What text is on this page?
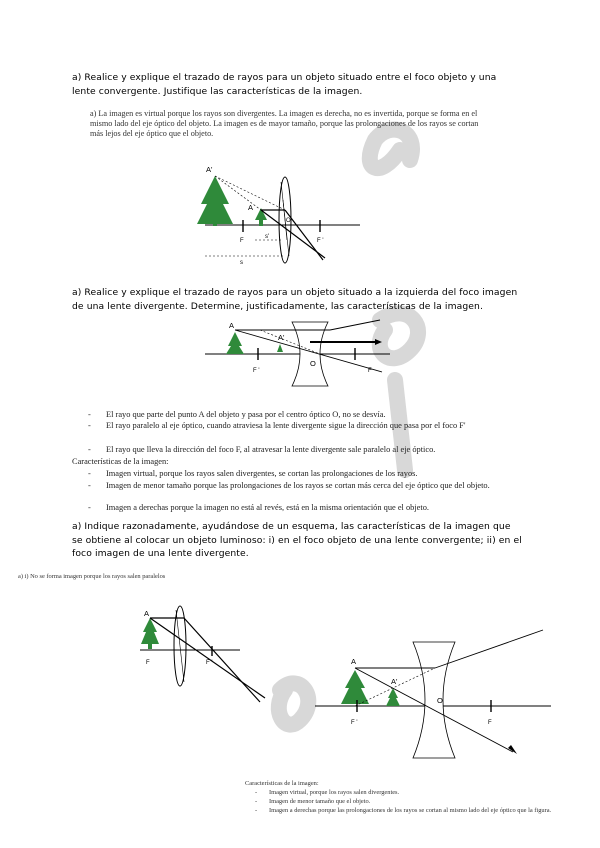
a) Realice y explique el trazado de rayos para un objeto situado entre el foco objeto y una lente convergente. Justifique las características de la imagen.
a) La imagen es virtual porque los rayos son divergentes. La imagen es derecha, no es invertida, porque se forma en el mismo lado del eje óptico del objeto. La imagen es de mayor tamaño, porque las prolongaciones de los rayos se cortan más lejos del eje óptico que el objeto.
A'
A
F
O
F '
s'
s
a) Realice y explique el trazado de rayos para un objeto situado a la izquierda del foco imagen de una lente divergente. Determine, justificadamente, las características de la imagen.
A
A'
F '
O
F
- El rayo que parte del punto A del objeto y pasa por el centro óptico O, no se desvía.
- El rayo paralelo al eje óptico, cuando atraviesa la lente divergente sigue la dirección que pasa por el foco F'
- El rayo que lleva la dirección del foco F, al atravesar la lente divergente sale paralelo al eje óptico.
Características de la imagen:
- Imagen virtual, porque los rayos salen divergentes, se cortan las prolongaciones de los rayos.
- Imagen de menor tamaño porque las prolongaciones de los rayos se cortan más cerca del eje óptico que del objeto.
- Imagen a derechas porque la imagen no está al revés, está en la misma orientación que el objeto.
a) Indique razonadamente, ayudándose de un esquema, las características de la imagen que se obtiene al colocar un objeto luminoso: i) en el foco objeto de una lente convergente; ii) en el foco imagen de una lente divergente.
a) i) No se forma imagen porque los rayos salen paralelos
A
F	F '	A
A'
O
F '	F
Características de la imagen:
- Imagen virtual, porque los rayos salen divergentes.
- Imagen de menor tamaño que el objeto.
- Imagen a derechas porque las prolongaciones de los rayos se cortan al mismo lado del eje óptico que la figura.
